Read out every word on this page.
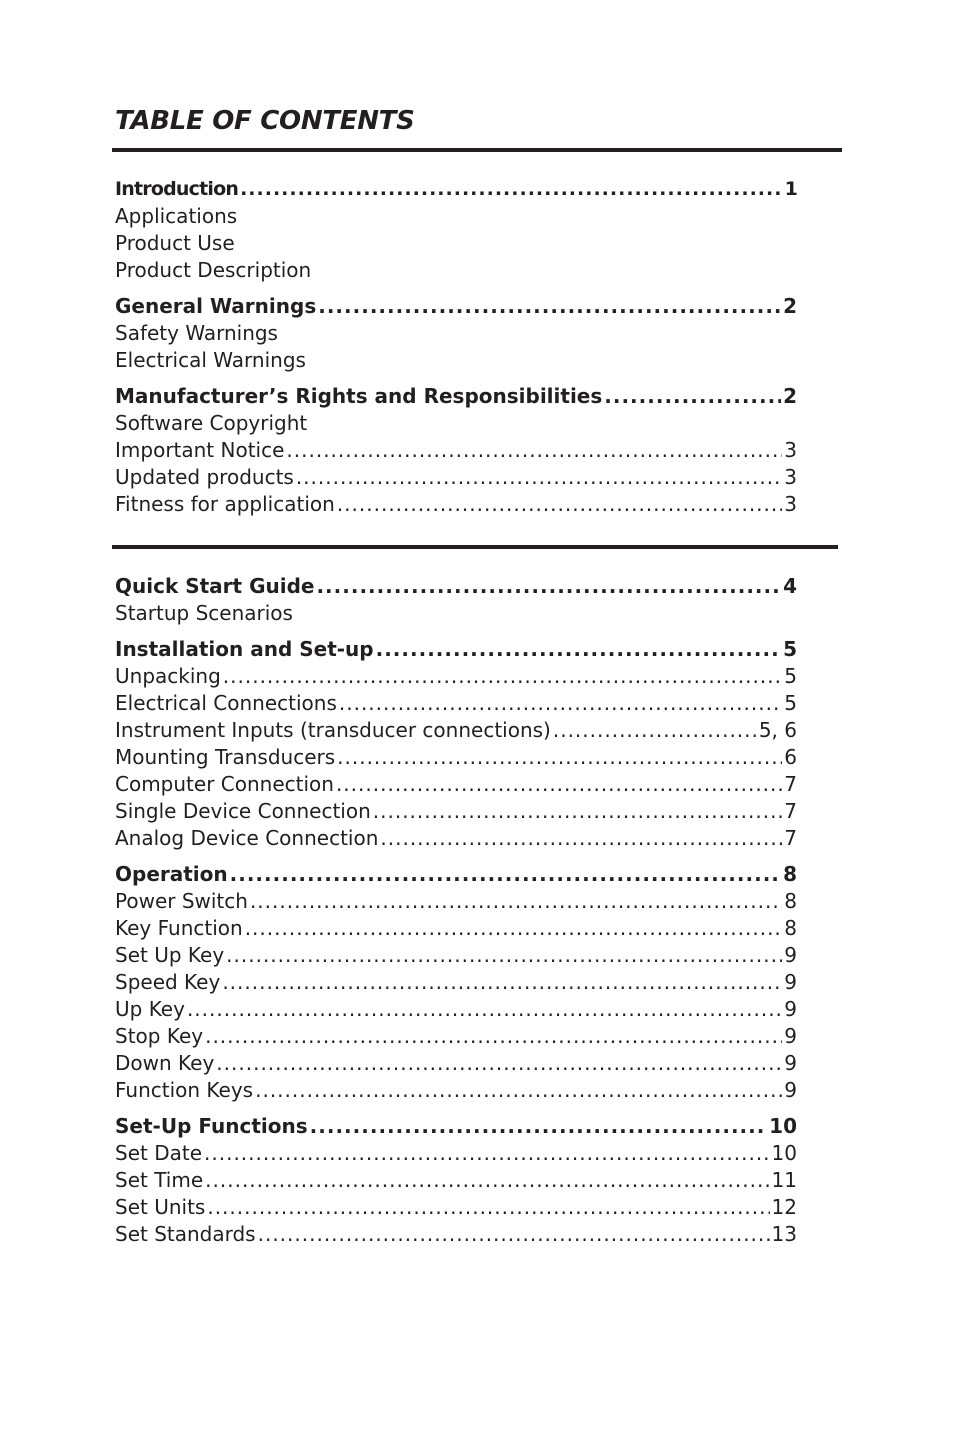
TABLE OF CONTENTS
Introduction .....	1
Applications
Product Use
Product Description
General Warnings .....	2
Safety Warnings
Electrical Warnings
Manufacturer’s Rights and Responsibilities .....	2
Software Copyright
Important Notice .....	3
Updated products .....	3
Fitness for application .....	3
Quick Start Guide .....	4
Startup Scenarios
Installation and Set-up .....	5
Unpacking .....	5
Electrical Connections .....	5
Instrument Inputs (transducer connections) .....	5, 6
Mounting Transducers .....	6
Computer Connection .....	7
Single Device Connection .....	7
Analog Device Connection .....	7
Operation .....	8
Power Switch .....	8
Key Function .....	8
Set Up Key .....	9
Speed Key .....	9
Up Key .....	9
Stop Key .....	9
Down Key .....	9
Function Keys .....	9
Set-Up Functions .....	10
Set Date .....	10
Set Time .....	11
Set Units .....	12
Set Standards .....	13
